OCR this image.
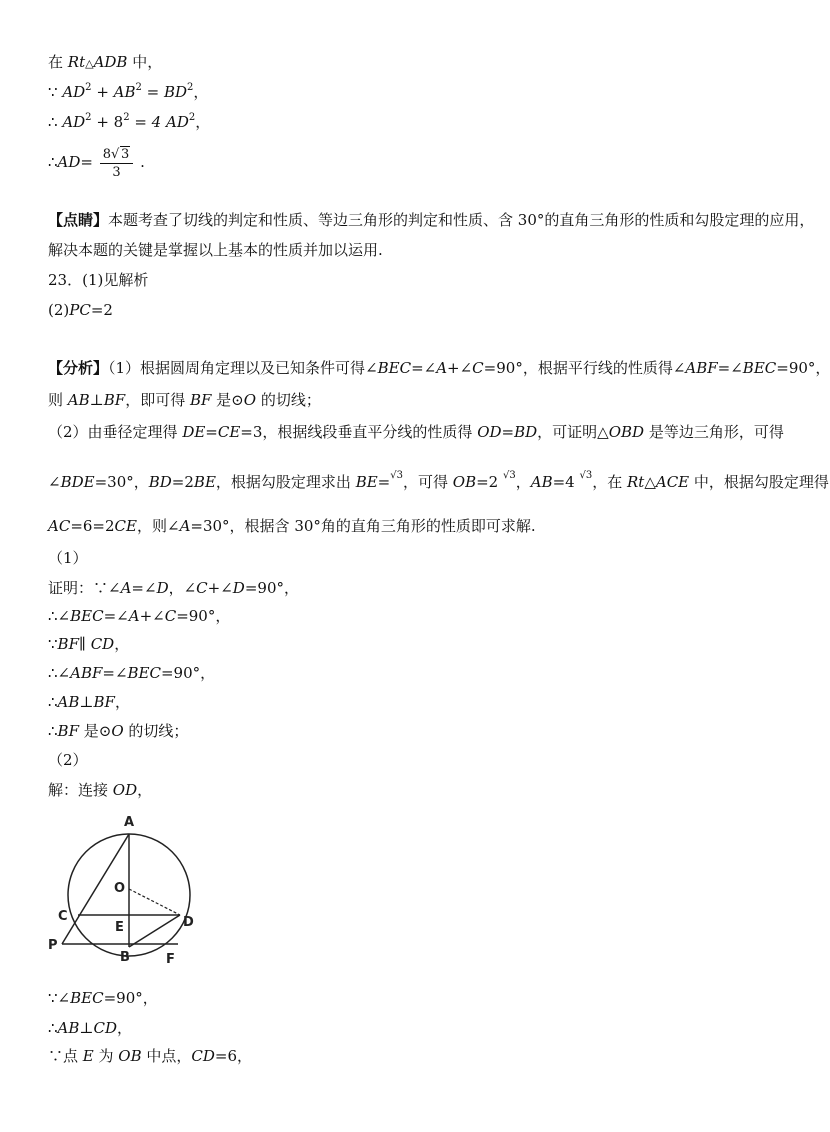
在 Rt△ADB 中，
∵ $AD^2 + AB^2 = BD^2$，
∴ $AD^2 + 8^2 = 4$ $AD^2$，
∴AD= $\frac{8 √ 3}{3}$ .
【点睛】本题考查了切线的判定和性质、等边三角形的判定和性质、含 30°的直角三角形的性质和勾股定理的应用，
解决本题的关键是掌握以上基本的性质并加以运用.
23．(1)见解析
(2)PC=2
【分析】（1）根据圆周角定理以及已知条件可得∠BEC=∠A+∠C=90°，根据平行线的性质得∠ABF=∠BEC=90°，
则 AB⊥BF，即可得 BF 是⊙O 的切线；
（2）由垂径定理得 DE=CE=3，根据线段垂直平分线的性质得 OD=BD，可证明△OBD 是等边三角形，可得
∠BDE=30°，BD=2BE，根据勾股定理求出 BE=$^{√3}$，可得 OB=2 $^{√3}$，AB=4 $^{√3}$，在 Rt△ACE 中，根据勾股定理得
AC=6=2CE，则∠A=30°，根据含 30°角的直角三角形的性质即可求解.
（1）
证明：∵∠A=∠D，∠C+∠D=90°，
∴∠BEC=∠A+∠C=90°，
∵BF∥ CD，
∴∠ABF=∠BEC=90°，
∴AB⊥BF，
∴BF 是⊙O 的切线；
（2）
解：连接 OD，
A
O
C	D
E
P
B	F
∵∠BEC=90°，
∴AB⊥CD，
∵点 E 为 OB 中点，CD=6，
